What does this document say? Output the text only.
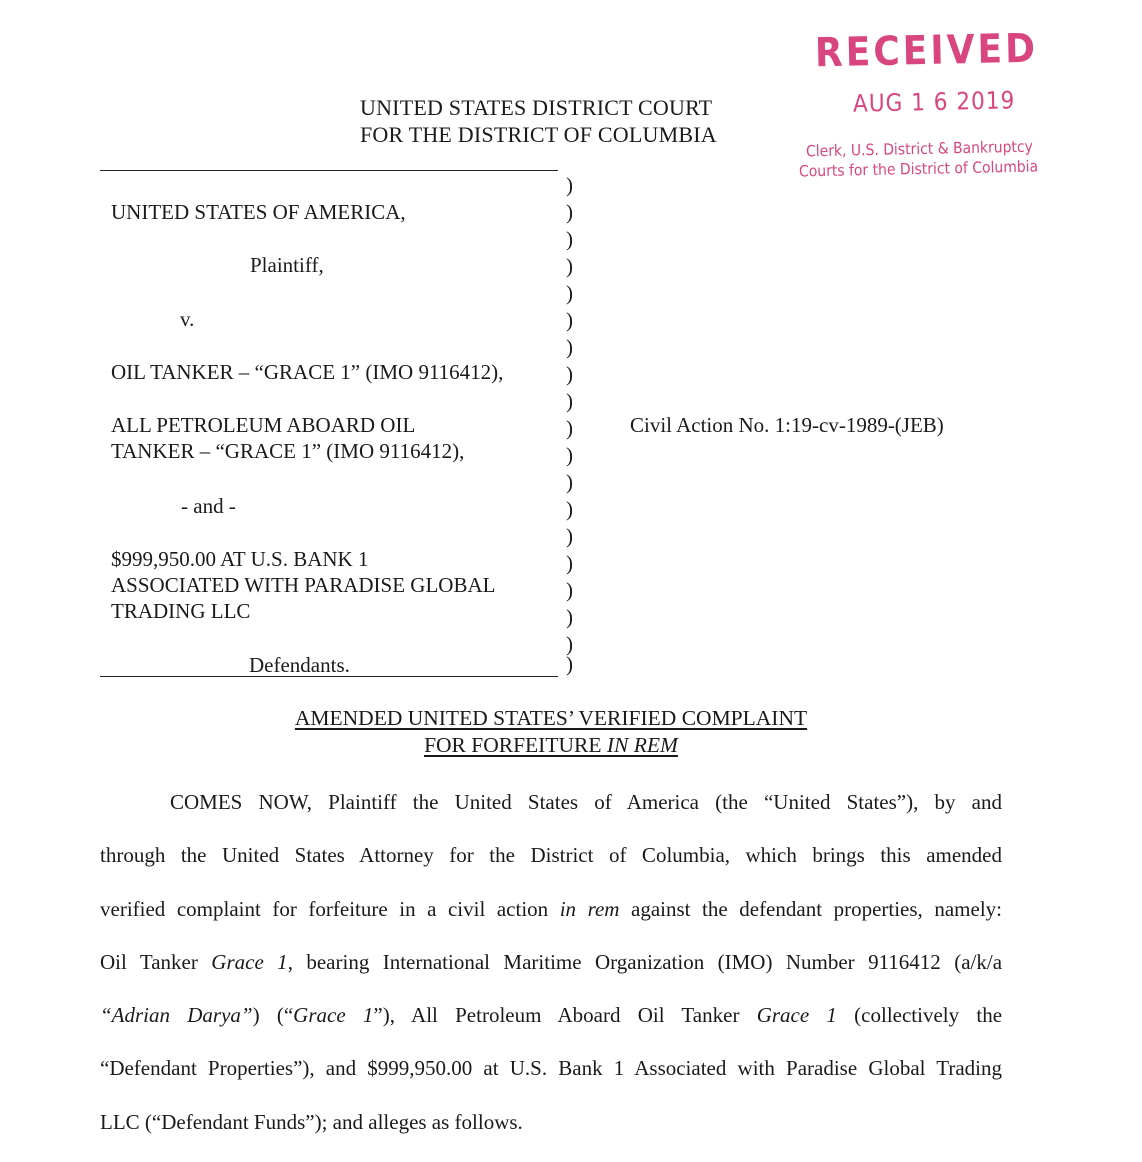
UNITED STATES DISTRICT COURT
FOR THE DISTRICT OF COLUMBIA
RECEIVED
AUG 1 6 2019
Clerk, U.S. District & Bankruptcy
Courts for the District of Columbia
)
)
)
)
)
)
)
)
)
)
)
)
)
)
)
)
)
)
)
UNITED STATES OF AMERICA,
Plaintiff,
v.
OIL TANKER – “GRACE 1” (IMO 9116412),
ALL PETROLEUM ABOARD OIL
TANKER – “GRACE 1” (IMO 9116412),
- and -
$999,950.00 AT U.S. BANK 1
ASSOCIATED WITH PARADISE GLOBAL
TRADING LLC
Defendants.
Civil Action No. 1:19-cv-1989-(JEB)
AMENDED UNITED STATES’ VERIFIED COMPLAINT
FOR FORFEITURE IN REM

COMES NOW, Plaintiff the United States of America (the “United States”), by and

through the United States Attorney for the District of Columbia, which brings this amended

verified complaint for forfeiture in a civil action in rem against the defendant properties, namely:

Oil Tanker Grace 1, bearing International Maritime Organization (IMO) Number 9116412 (a/k/a

“Adrian Darya”) (“Grace 1”), All Petroleum Aboard Oil Tanker Grace 1 (collectively the

“Defendant Properties”), and $999,950.00 at U.S. Bank 1 Associated with Paradise Global Trading

LLC (“Defendant Funds”); and alleges as follows.
